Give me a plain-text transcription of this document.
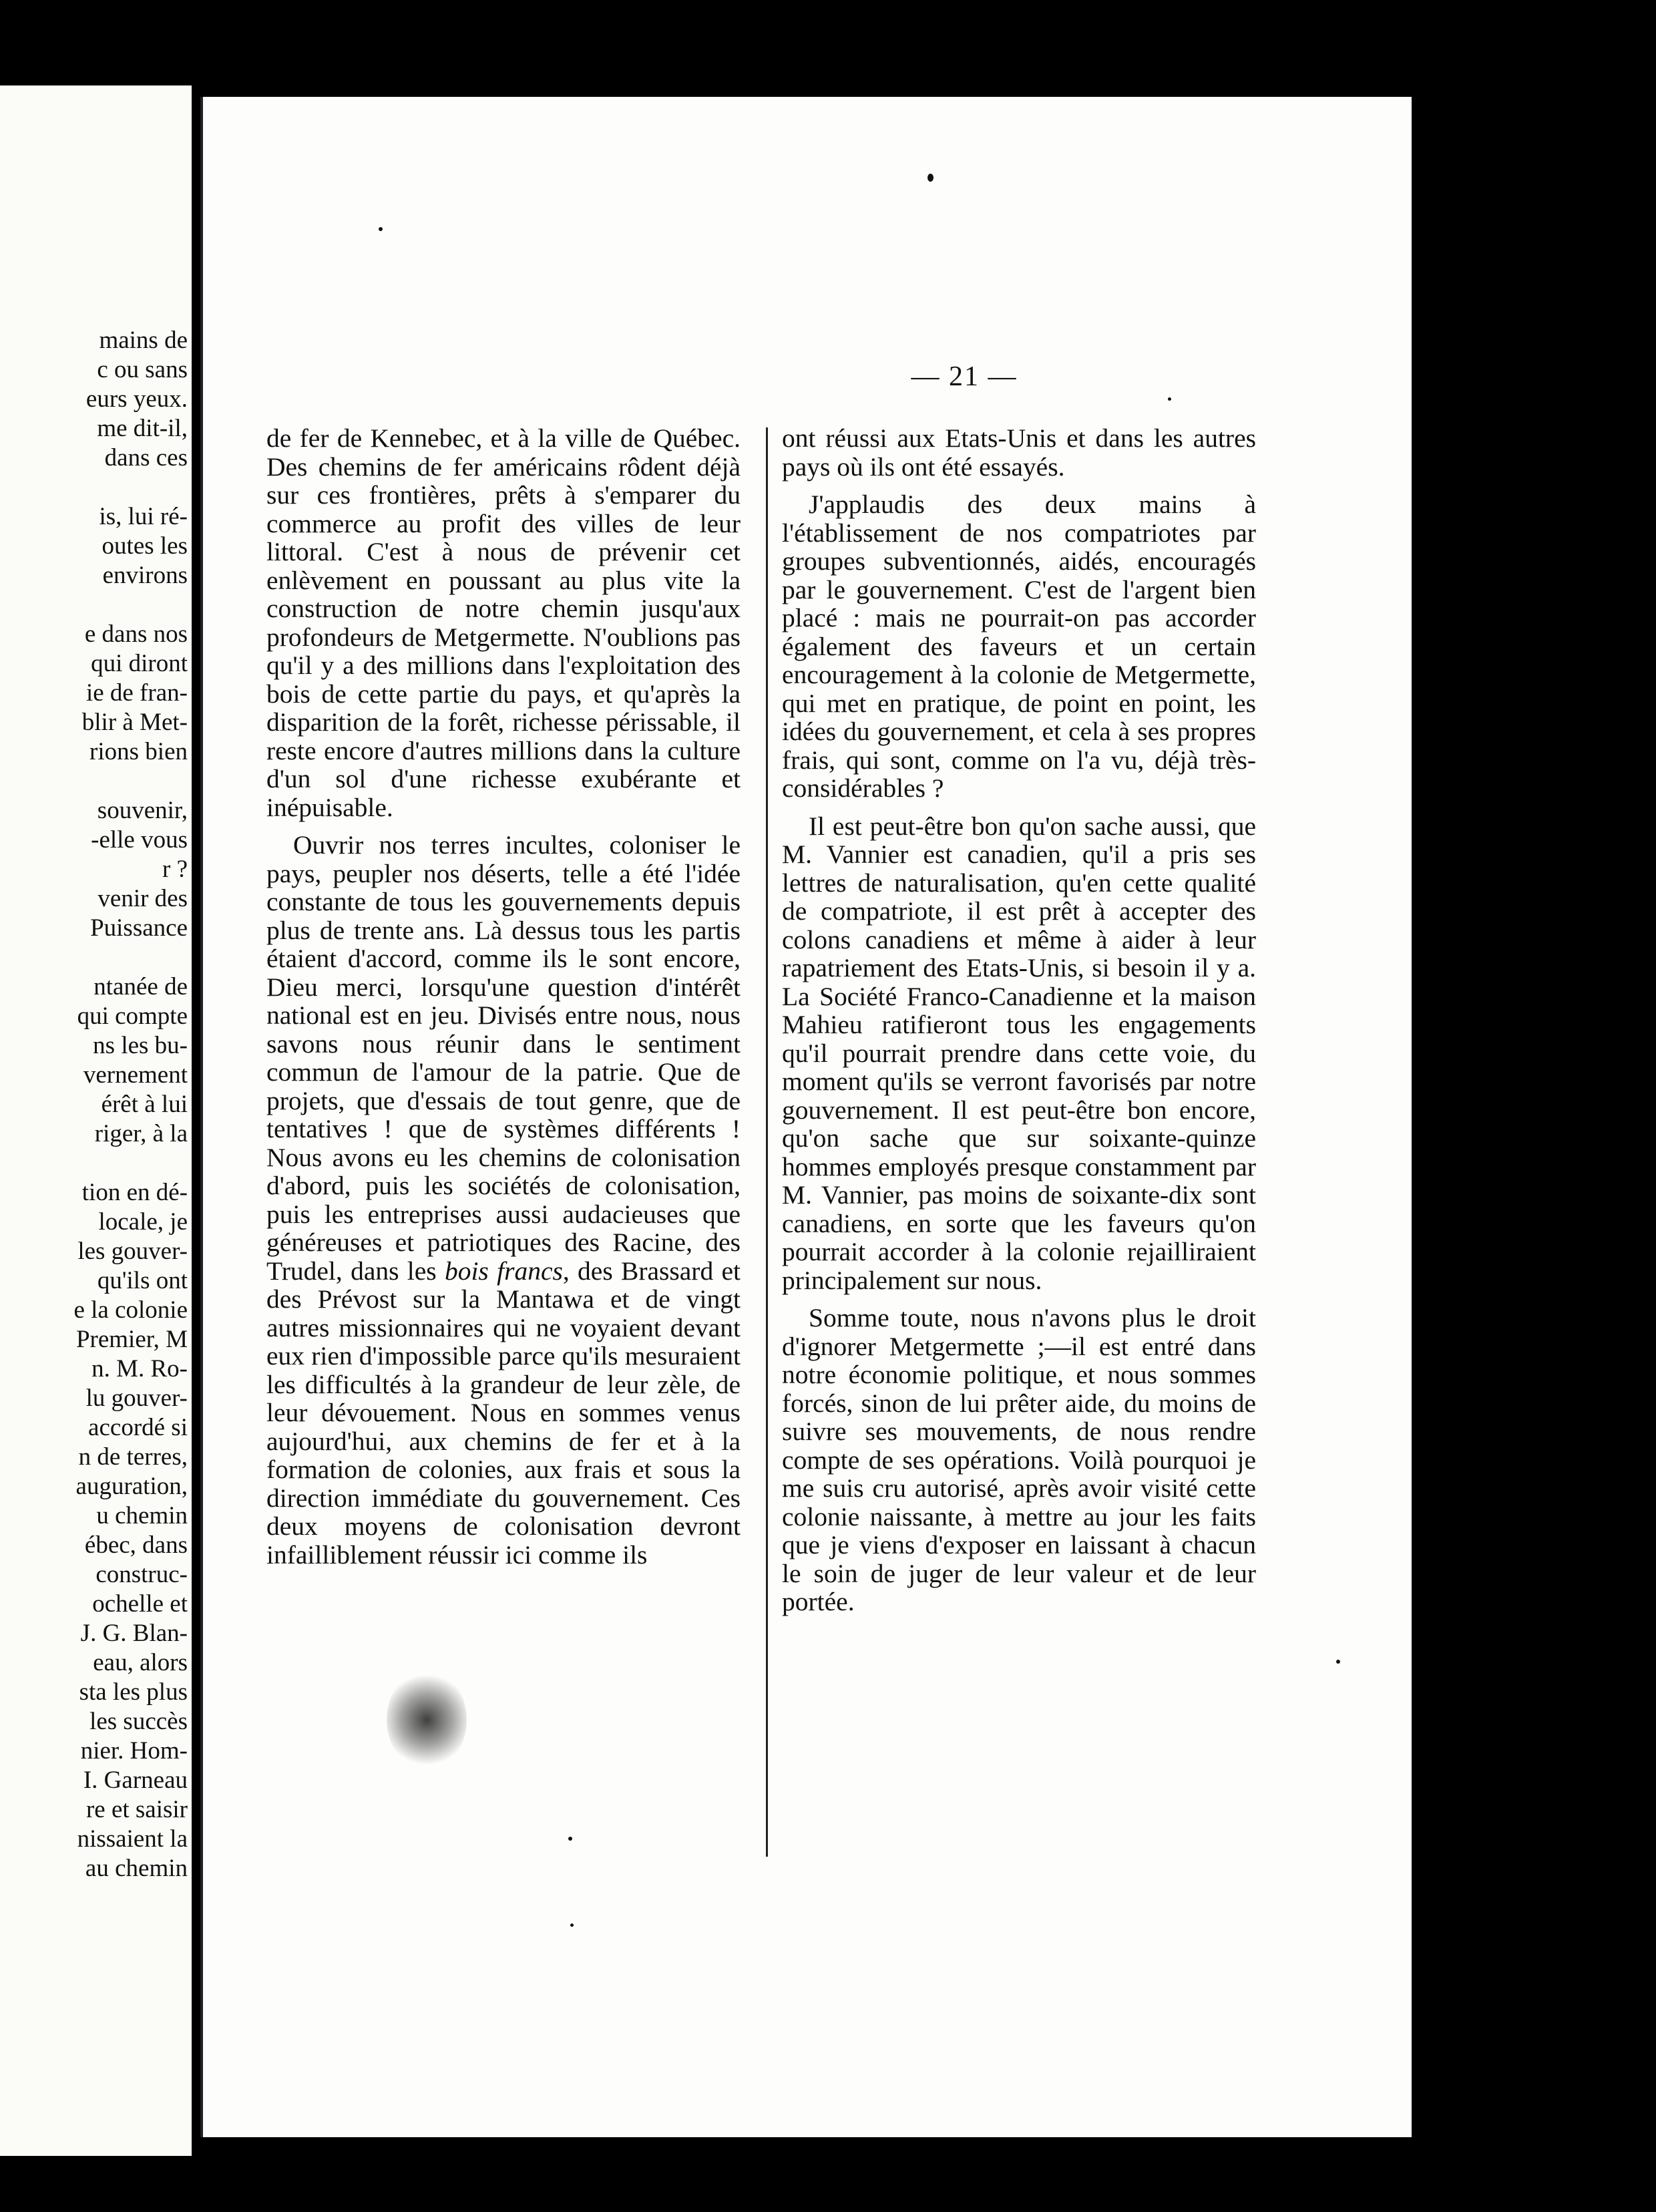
mains de
c ou sans
eurs yeux.
me dit-il,
dans ces
is, lui ré-
outes les
environs
e dans nos
qui diront
ie de fran-
blir à Met-
rions bien
souvenir,
-elle vous
r ?
venir des
Puissance
ntanée de
qui compte
ns les bu-
vernement
érêt à lui
riger, à la
tion en dé-
locale, je
les gouver-
qu'ils ont
e la colonie
Premier, M
n. M. Ro-
lu gouver-
accordé si
n de terres,
auguration,
u chemin
ébec, dans
construc-
ochelle et
J. G. Blan-
eau, alors
sta les plus
les succès
nier. Hom-
I. Garneau
re et saisir
nissaient la
au chemin
— 21 —

de fer de Kennebec, et à la ville de Québec. Des chemins de fer américains rôdent déjà sur ces frontières, prêts à s'emparer du commerce au profit des villes de leur littoral. C'est à nous de prévenir cet enlèvement en poussant au plus vite la construction de notre chemin jusqu'aux profondeurs de Metgermette. N'oublions pas qu'il y a des millions dans l'exploitation des bois de cette partie du pays, et qu'après la disparition de la forêt, richesse périssable, il reste encore d'autres millions dans la culture d'un sol d'une richesse exubérante et inépuisable.

Ouvrir nos terres incultes, coloniser le pays, peupler nos déserts, telle a été l'idée constante de tous les gouvernements depuis plus de trente ans. Là dessus tous les partis étaient d'accord, comme ils le sont encore, Dieu merci, lorsqu'une question d'intérêt national est en jeu. Divisés entre nous, nous savons nous réunir dans le sentiment commun de l'amour de la patrie. Que de projets, que d'essais de tout genre, que de tentatives ! que de systèmes différents ! Nous avons eu les chemins de colonisation d'abord, puis les sociétés de colonisation, puis les entreprises aussi audacieuses que généreuses et patriotiques des Racine, des Trudel, dans les bois francs, des Brassard et des Prévost sur la Mantawa et de vingt autres missionnaires qui ne voyaient devant eux rien d'impossible parce qu'ils mesuraient les difficultés à la grandeur de leur zèle, de leur dévouement. Nous en sommes venus aujourd'hui, aux chemins de fer et à la formation de colonies, aux frais et sous la direction immédiate du gouvernement. Ces deux moyens de colonisation devront infailliblement réussir ici comme ils

ont réussi aux Etats-Unis et dans les autres pays où ils ont été essayés.

J'applaudis des deux mains à l'établissement de nos compatriotes par groupes subventionnés, aidés, encouragés par le gouvernement. C'est de l'argent bien placé : mais ne pourrait-on pas accorder également des faveurs et un certain encouragement à la colonie de Metgermette, qui met en pratique, de point en point, les idées du gouvernement, et cela à ses propres frais, qui sont, comme on l'a vu, déjà très-considérables ?

Il est peut-être bon qu'on sache aussi, que M. Vannier est canadien, qu'il a pris ses lettres de naturalisation, qu'en cette qualité de compatriote, il est prêt à accepter des colons canadiens et même à aider à leur rapatriement des Etats-Unis, si besoin il y a. La Société Franco-Canadienne et la maison Mahieu ratifieront tous les engagements qu'il pourrait prendre dans cette voie, du moment qu'ils se verront favorisés par notre gouvernement. Il est peut-être bon encore, qu'on sache que sur soixante-quinze hommes employés presque constamment par M. Vannier, pas moins de soixante-dix sont canadiens, en sorte que les faveurs qu'on pourrait accorder à la colonie rejailliraient principalement sur nous.

Somme toute, nous n'avons plus le droit d'ignorer Metgermette ;—il est entré dans notre économie politique, et nous sommes forcés, sinon de lui prêter aide, du moins de suivre ses mouvements, de nous rendre compte de ses opérations. Voilà pourquoi je me suis cru autorisé, après avoir visité cette colonie naissante, à mettre au jour les faits que je viens d'exposer en laissant à chacun le soin de juger de leur valeur et de leur portée.
